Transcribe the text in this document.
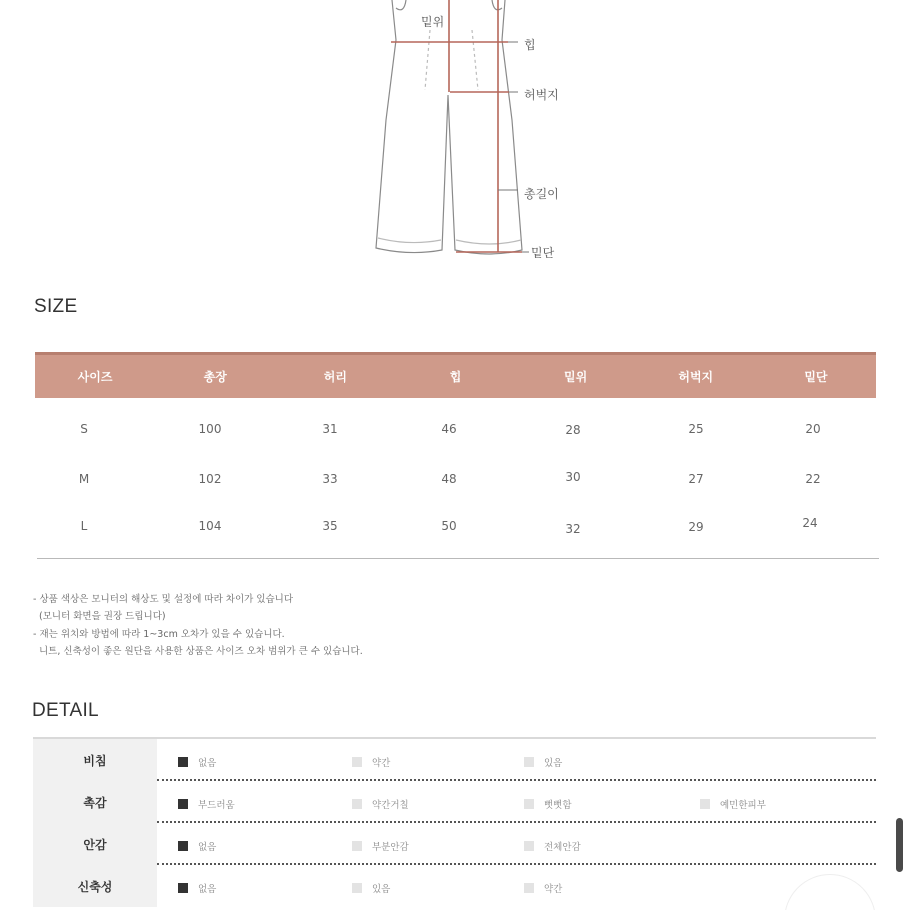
밑위
힙
허벅지
총길이
밑단
SIZE
사이즈	총장	허리	힙	밑위	허벅지	밑단
S	100	31	46	28	25	20
M	102	33	48	30	27	22
L	104	35	50	32	29	24
- 상품 색상은 모니터의 해상도 및 설정에 따라 차이가 있습니다
(모니터 화면을 권장 드립니다)
- 재는 위치와 방법에 따라 1~3cm 오차가 있을 수 있습니다.
니트, 신축성이 좋은 원단을 사용한 상품은 사이즈 오차 범위가 큰 수 있습니다.
DETAIL
비침	없음	약간	있음
촉감	부드러움	약간거칠	뻣뻣함	예민한피부
안감	없음	부분안감	전체안감
신축성	없음	있음	약간
